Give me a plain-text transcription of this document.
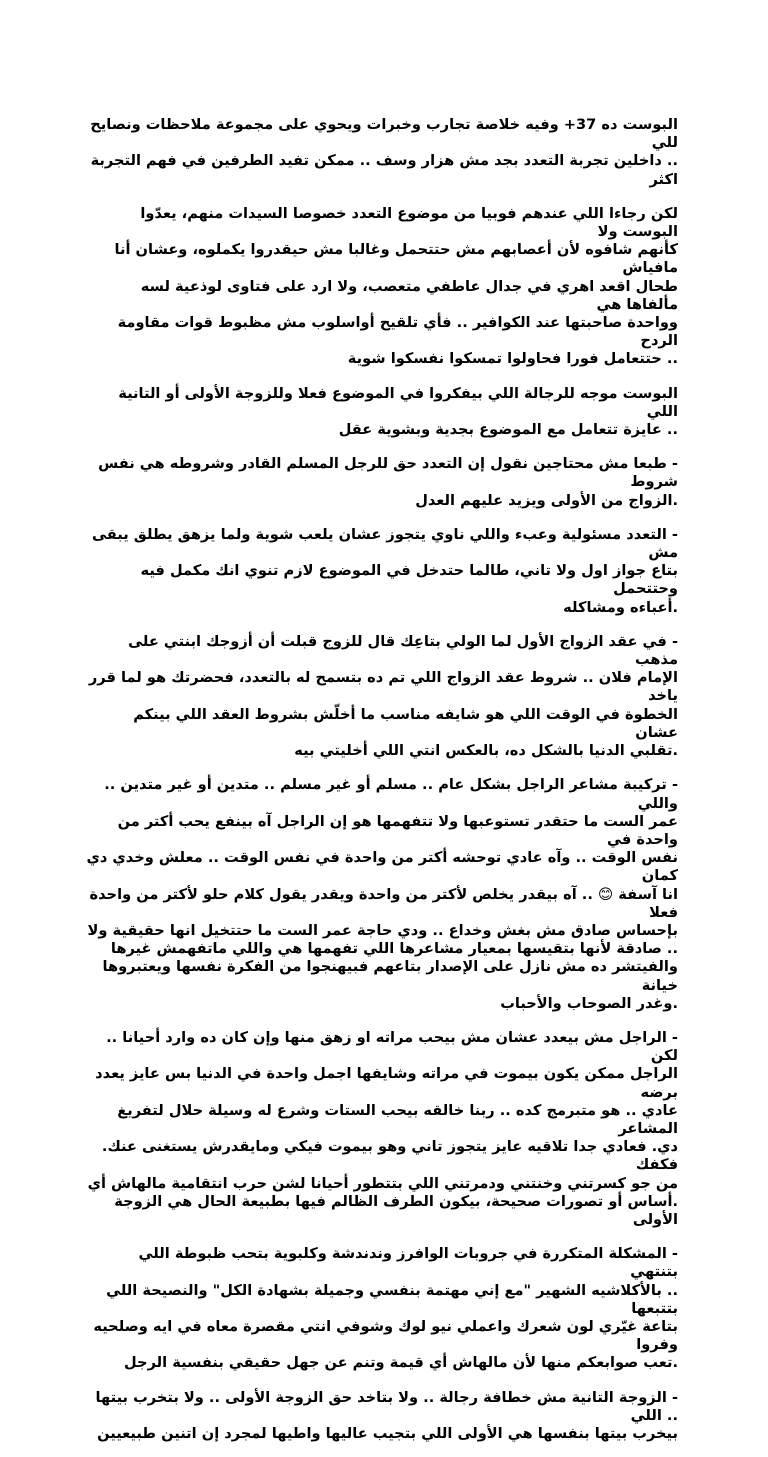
البوست ده 37+ وفيه خلاصة تجارب وخبرات ويحوي على مجموعة ملاحظات ونصايح للي
.. داخلين تجربة التعدد بجد مش هزار وسف .. ممكن تفيد الطرفين في فهم التجربة اكثر

لكن رجاءا اللي عندهم فوبيا من موضوع التعدد خصوصا السيدات منهم، يعدّوا البوست ولا
كأنهم شافوه لأن أعصابهم مش حتتحمل وغالبا مش حيقدروا يكملوه، وعشان أنا مافياش
طحال اقعد اهري في جدال عاطفي متعصب، ولا ارد على فتاوى لوذعية لسه مألفاها هي
وواحدة صاحبتها عند الكوافير .. فأي تلقيح أواسلوب مش مظبوط قوات مقاومة الردح
.. حتتعامل فورا فحاولوا تمسكوا نفسكوا شوية

البوست موجه للرجالة اللي بيفكروا في الموضوع فعلا وللزوجة الأولى أو التانية اللي
.. عايزة تتعامل مع الموضوع بجدية وبشوية عقل

- طبعا مش محتاجين نقول إن التعدد حق للرجل المسلم القادر وشروطه هي نفس شروط
.الزواج من الأولى ويزيد عليهم العدل

- التعدد مسئولية وعبء واللي ناوي يتجوز عشان يلعب شوية ولما يزهق يطلق يبقى مش
بتاع جواز اول ولا تاني، طالما حتدخل في الموضوع لازم تنوي انك مكمل فيه وحتتحمل
.أعباءه ومشاكله

- في عقد الزواج الأول لما الولي بتاعِك قال للزوج قبلت أن أزوجك ابنتي على مذهب
الإمام فلان .. شروط عقد الزواج اللي تم ده بتسمح له بالتعدد، فحضرتك هو لما قرر ياخد
الخطوة في الوقت اللي هو شايفه مناسب ما أخلّش بشروط العقد اللي بينكم عشان
.تقلبي الدنيا بالشكل ده، بالعكس انتي اللي أخليتي بيه

- تركيبة مشاعر الراجل بشكل عام .. مسلم أو غير مسلم .. متدين أو غير متدين .. واللي
عمر الست ما حتقدر تستوعبها ولا تتفهمها هو إن الراجل آه بينفع يحب أكتر من واحدة في
نفس الوقت .. وآه عادي توحشه أكتر من واحدة في نفس الوقت .. معلش وخدي دي كمان
انا آسفة 😊 .. آه بيقدر يخلص لأكتر من واحدة ويقدر يقول كلام حلو لأكتر من واحدة فعلا
بإحساس صادق مش بغش وخداع .. ودي حاجة عمر الست ما حتتخيل انها حقيقية ولا
.. صادقة لأنها بتقيسها بمعيار مشاعرها اللي تفهمها هي واللي ماتفهمش غيرها
والفيتشر ده مش نازل على الإصدار بتاعهم فبيهنجوا من الفكرة نفسها ويعتبروها خيانة
.وغدر الصوحاب والأحباب

- الراجل مش بيعدد عشان مش بيحب مراته او زهق منها وإن كان ده وارد أحيانا .. لكن
الراجل ممكن يكون بيموت في مراته وشايفها اجمل واحدة في الدنيا بس عايز يعدد برضه
عادي .. هو متبرمج كده .. ربنا خالقه بيحب الستات وشرع له وسيلة حلال لتفريغ المشاعر
دي. فعادي جدا تلاقيه عايز يتجوز تاني وهو بيموت فيكي ومايقدرش يستغنى عنك. فكفك
من جو كسرتني وخنتني ودمرتني اللي بتتطور أحيانا لشن حرب انتقامية مالهاش أي
.أساس أو تصورات صحيحة، بيكون الطرف الظالم فيها بطبيعة الحال هي الزوجة الأولى

- المشكلة المتكررة في جروبات الوافرز وندندشة وكلبوية بتحب ظبوطة اللي بتنتهي
.. بالأكلاشيه الشهير "مع إني مهتمة بنفسي وجميلة بشهادة الكل" والنصيحة اللي بتتبعها
بتاعة غيّري لون شعرك واعملي نيو لوك وشوفي انتي مقصرة معاه في ايه وصلحيه وفروا
.تعب صوابعكم منها لأن مالهاش أي قيمة وتنم عن جهل حقيقي بنفسية الرجل

- الزوجة التانية مش خطافة رجالة .. ولا بتاخد حق الزوجة الأولى .. ولا بتخرب بيتها .. اللي
بيخرب بيتها بنفسها هي الأولى اللي بتجيب عاليها واطيها لمجرد إن اتنين طبيعيين
